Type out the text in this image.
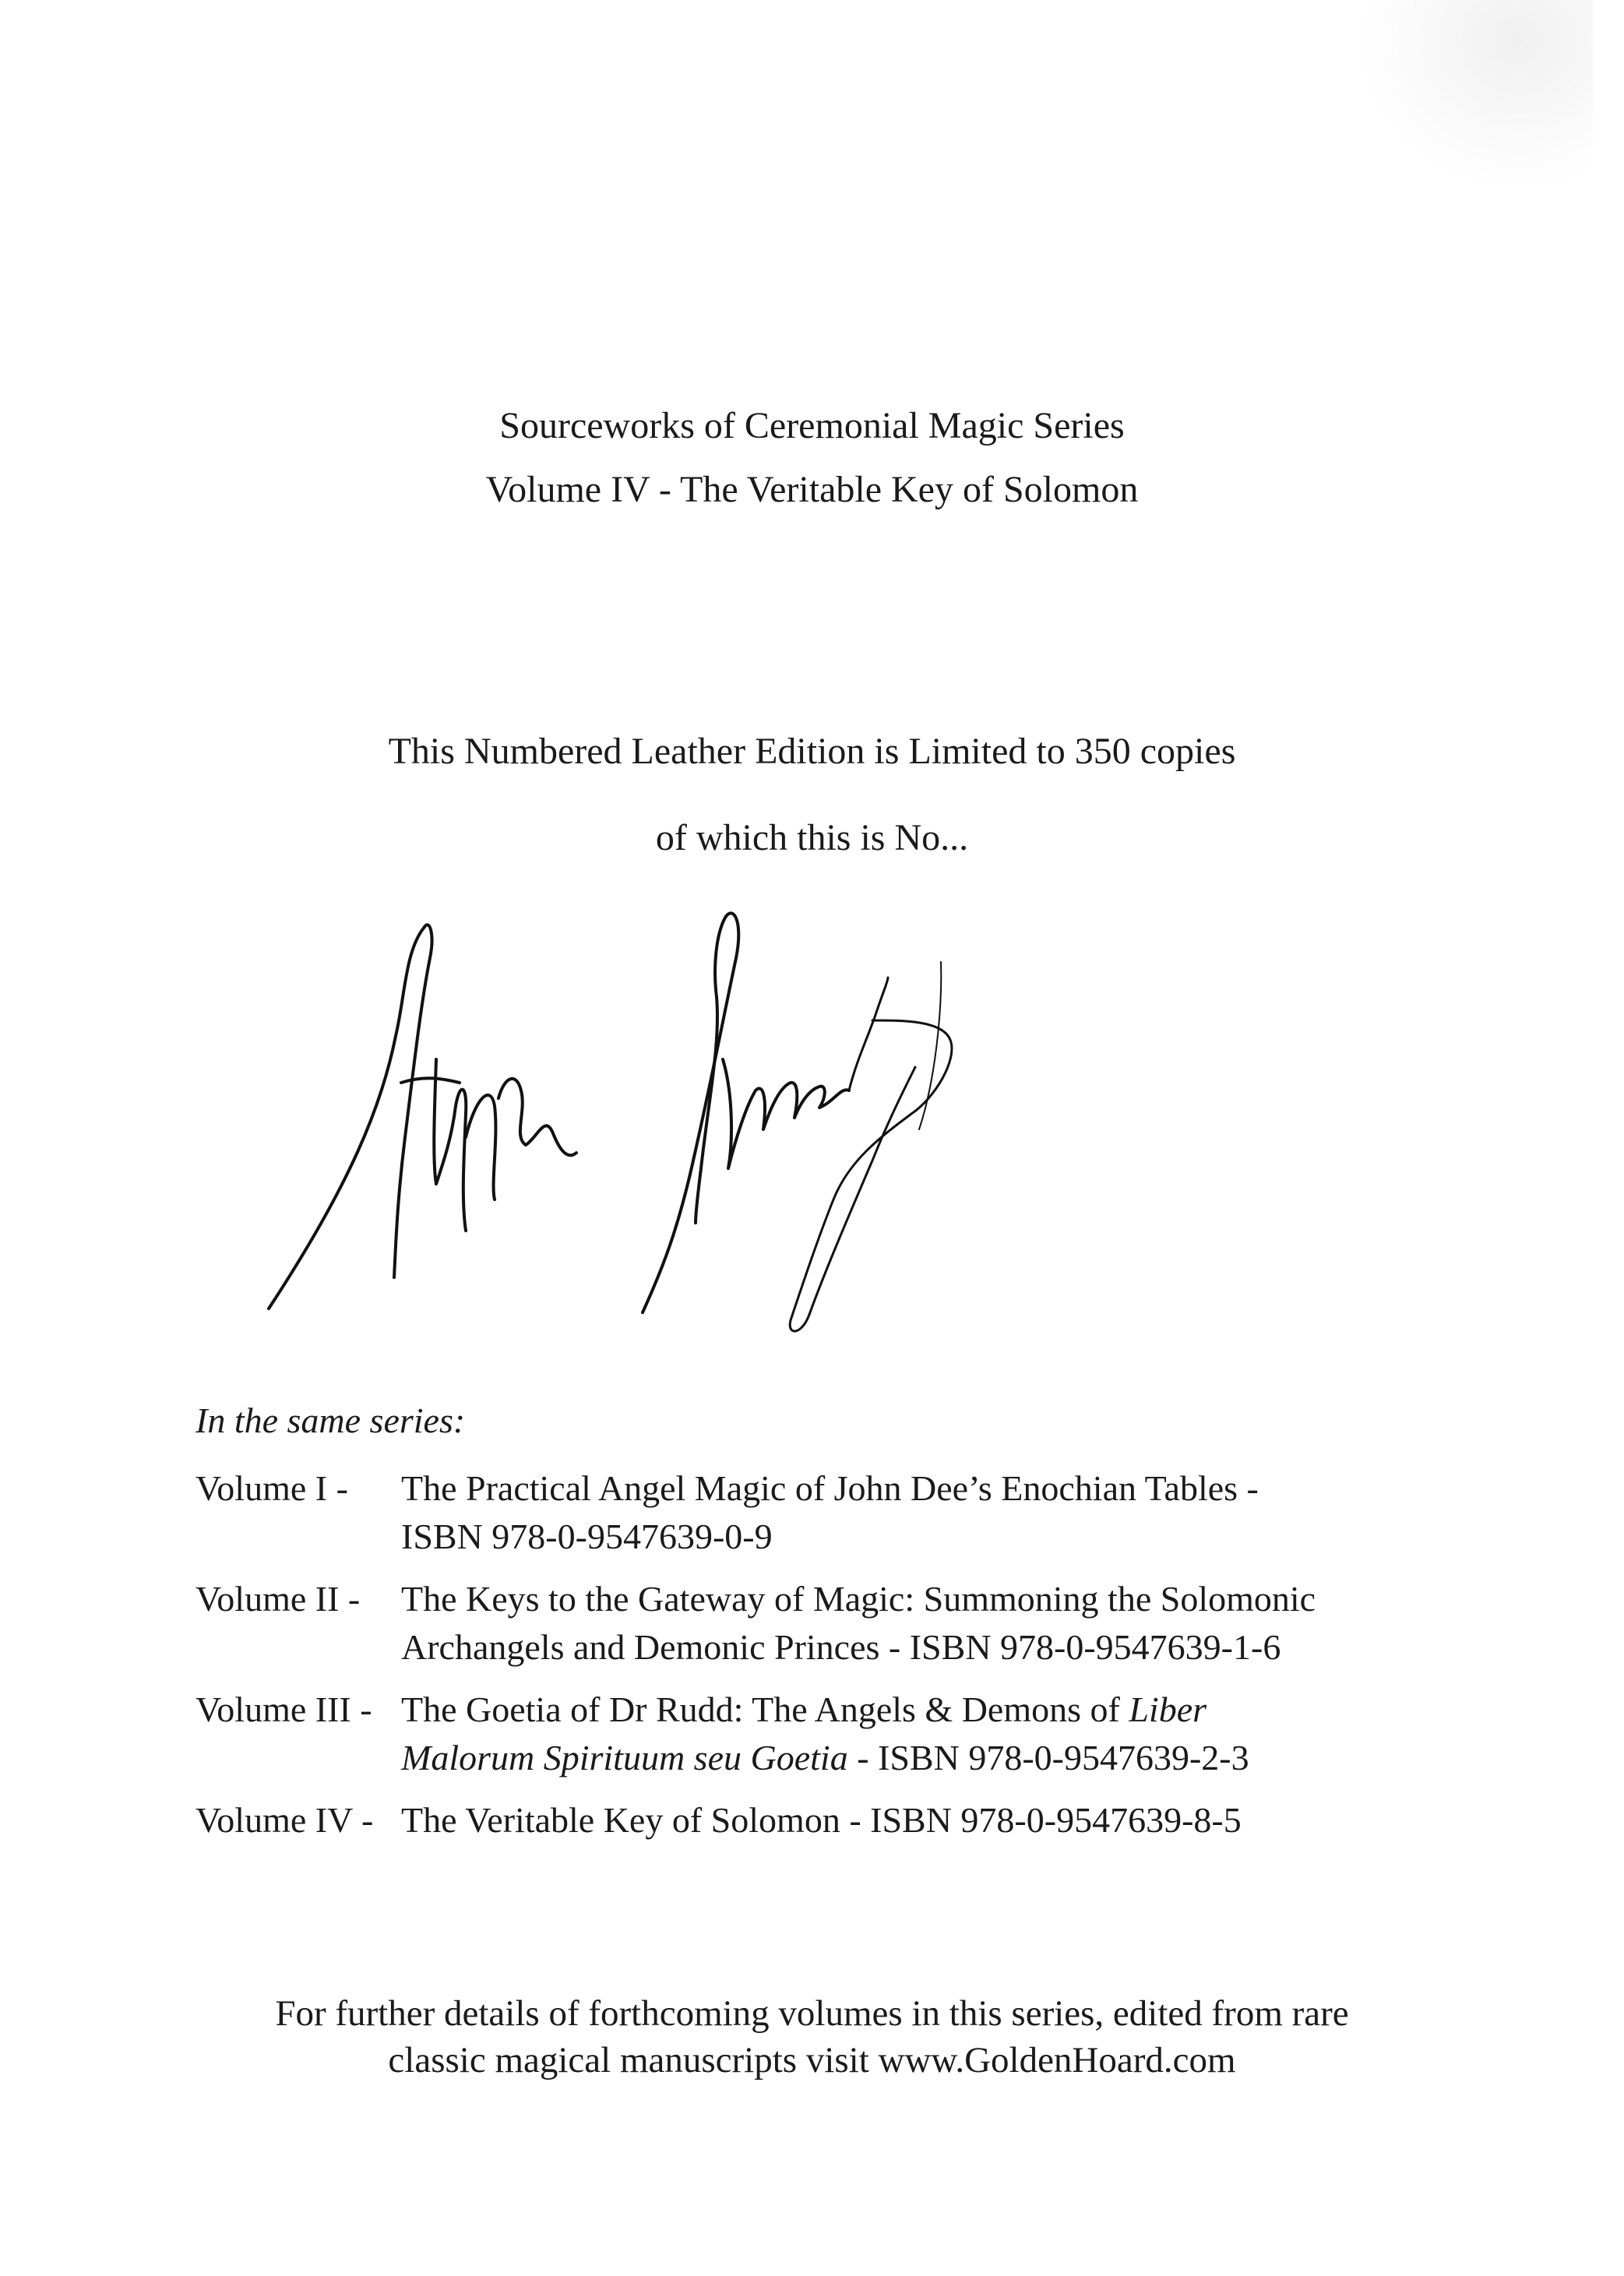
Sourceworks of Ceremonial Magic Series
Volume IV - The Veritable Key of Solomon
This Numbered Leather Edition is Limited to 350 copies
of which this is No...
In the same series:
Volume I -	The Practical Angel Magic of John Dee’s Enochian Tables -
ISBN 978-0-9547639-0-9
Volume II -	The Keys to the Gateway of Magic: Summoning the Solomonic
Archangels and Demonic Princes - ISBN 978-0-9547639-1-6
Volume III - The Goetia of Dr Rudd: The Angels & Demons of Liber
Malorum Spirituum seu Goetia - ISBN 978-0-9547639-2-3
Volume IV - The Veritable Key of Solomon - ISBN 978-0-9547639-8-5
For further details of forthcoming volumes in this series, edited from rare
classic magical manuscripts visit www.GoldenHoard.com
